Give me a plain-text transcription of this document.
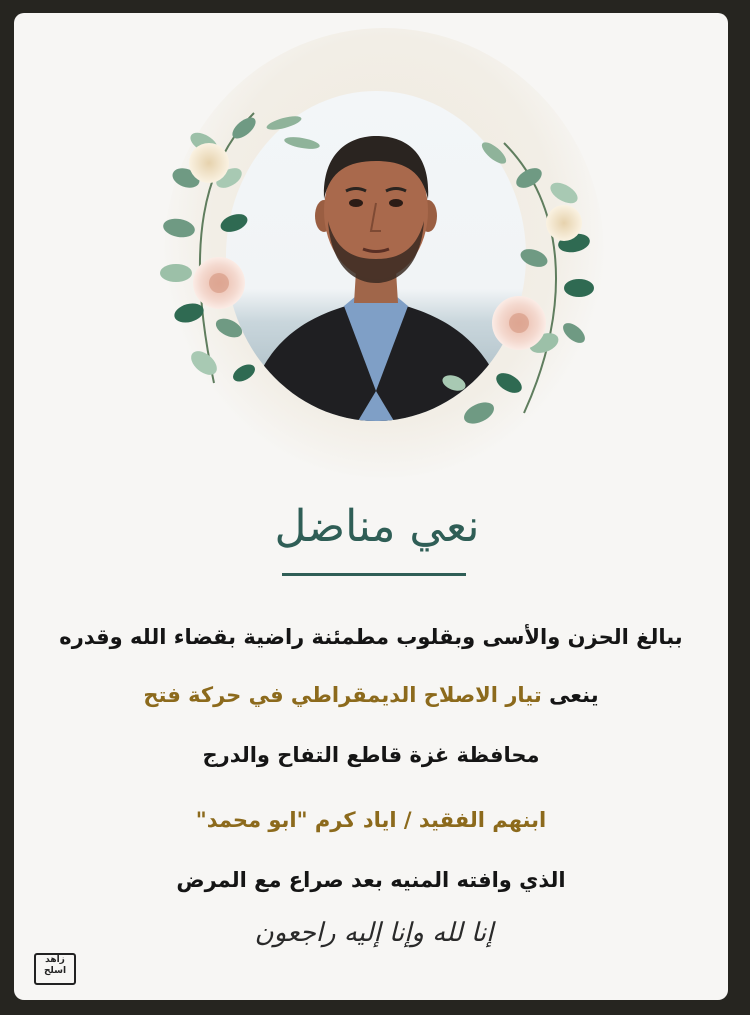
نعي مناضل
ببالغ الحزن والأسى وبقلوب مطمئنة راضية بقضاء الله وقدره
ينعى تيار الاصلاح الديمقراطي في حركة فتح
محافظة غزة قاطع التفاح والدرج
ابنهم الفقيد / اياد كرم "ابو محمد"
الذي وافته المنيه بعد صراع مع المرض
إنا لله وإنا إليه راجعون
زاهد
اسلح
